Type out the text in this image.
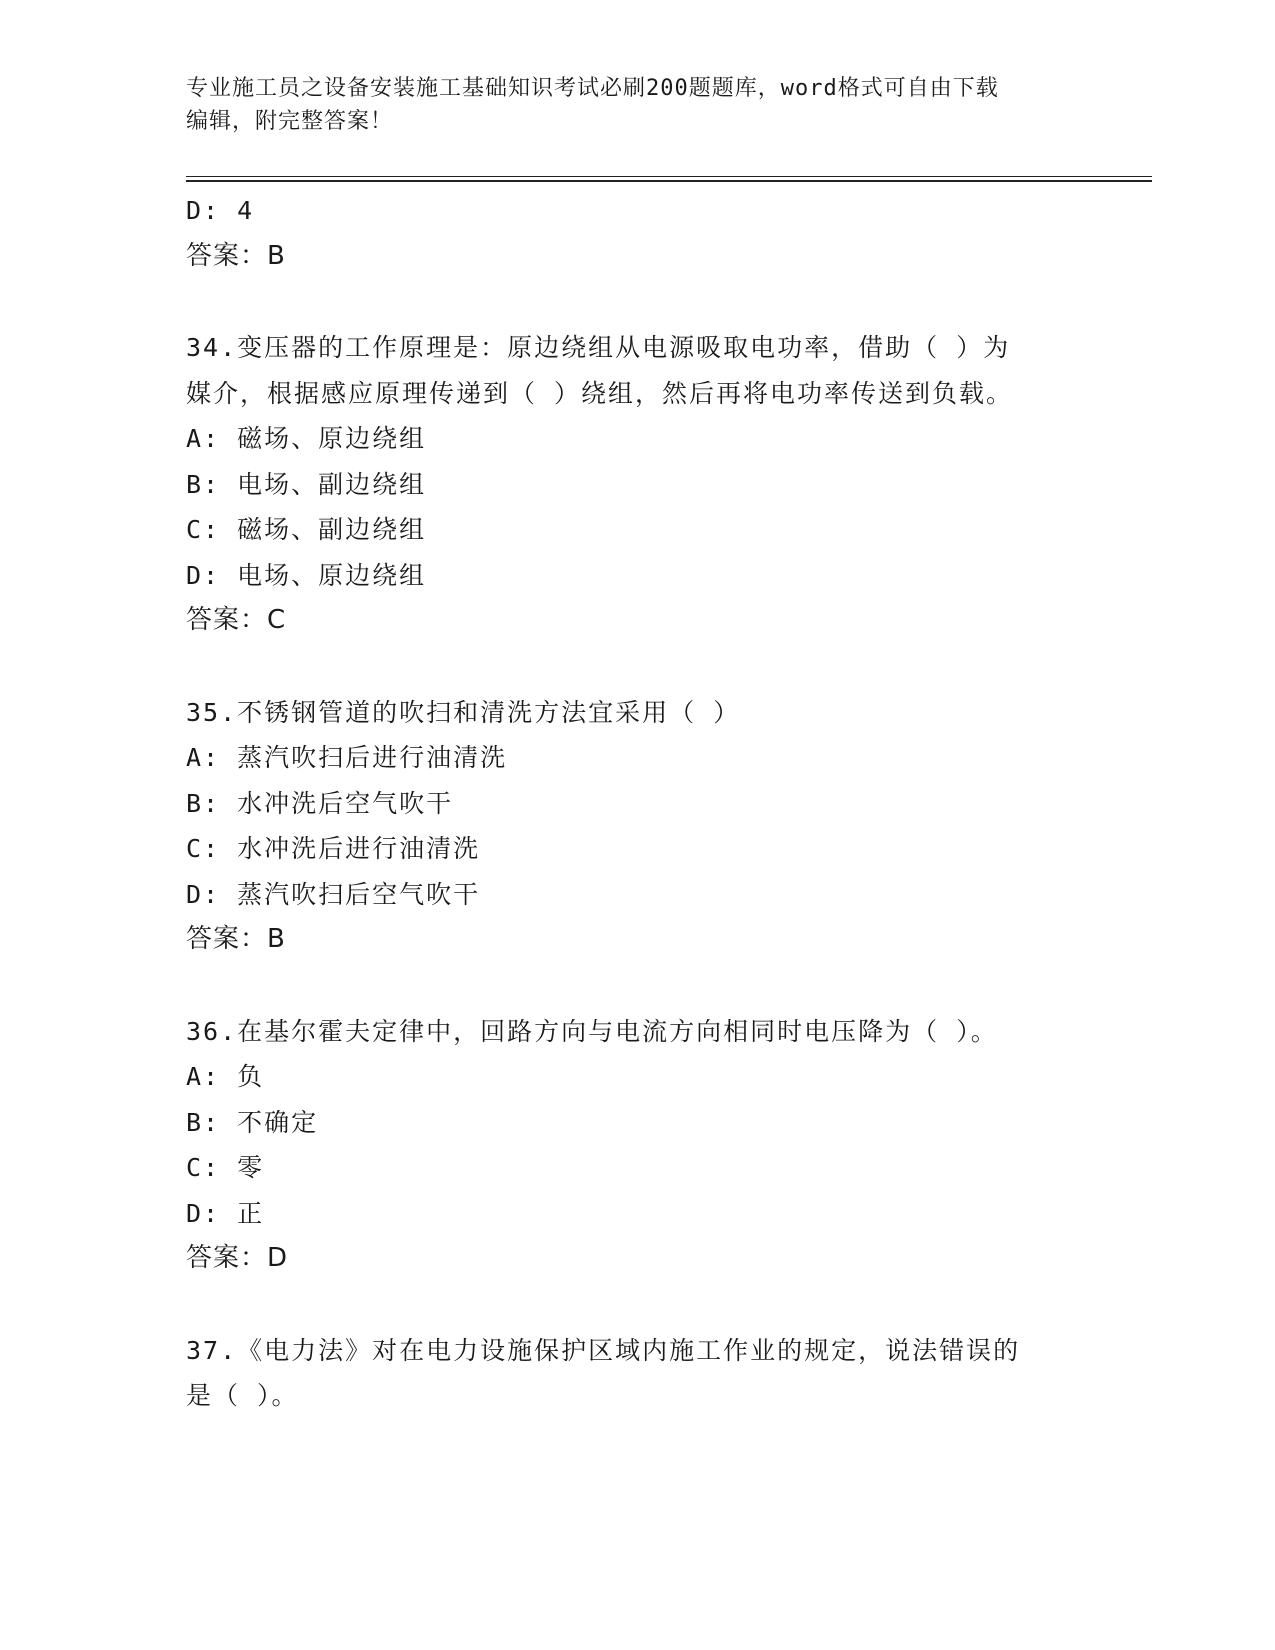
专业施工员之设备安装施工基础知识考试必刷200题题库，word格式可自由下载
编辑，附完整答案！
D: 4
答案：B
34.变压器的工作原理是：原边绕组从电源吸取电功率，借助（ ）为
媒介，根据感应原理传递到（ ）绕组，然后再将电功率传送到负载。
A: 磁场、原边绕组
B: 电场、副边绕组
C: 磁场、副边绕组
D: 电场、原边绕组
答案：C
35.不锈钢管道的吹扫和清洗方法宜采用（ ）
A: 蒸汽吹扫后进行油清洗
B: 水冲洗后空气吹干
C: 水冲洗后进行油清洗
D: 蒸汽吹扫后空气吹干
答案：B
36.在基尔霍夫定律中，回路方向与电流方向相同时电压降为（ ）。
A: 负
B: 不确定
C: 零
D: 正
答案：D
37.《电力法》对在电力设施保护区域内施工作业的规定，说法错误的
是（ ）。
